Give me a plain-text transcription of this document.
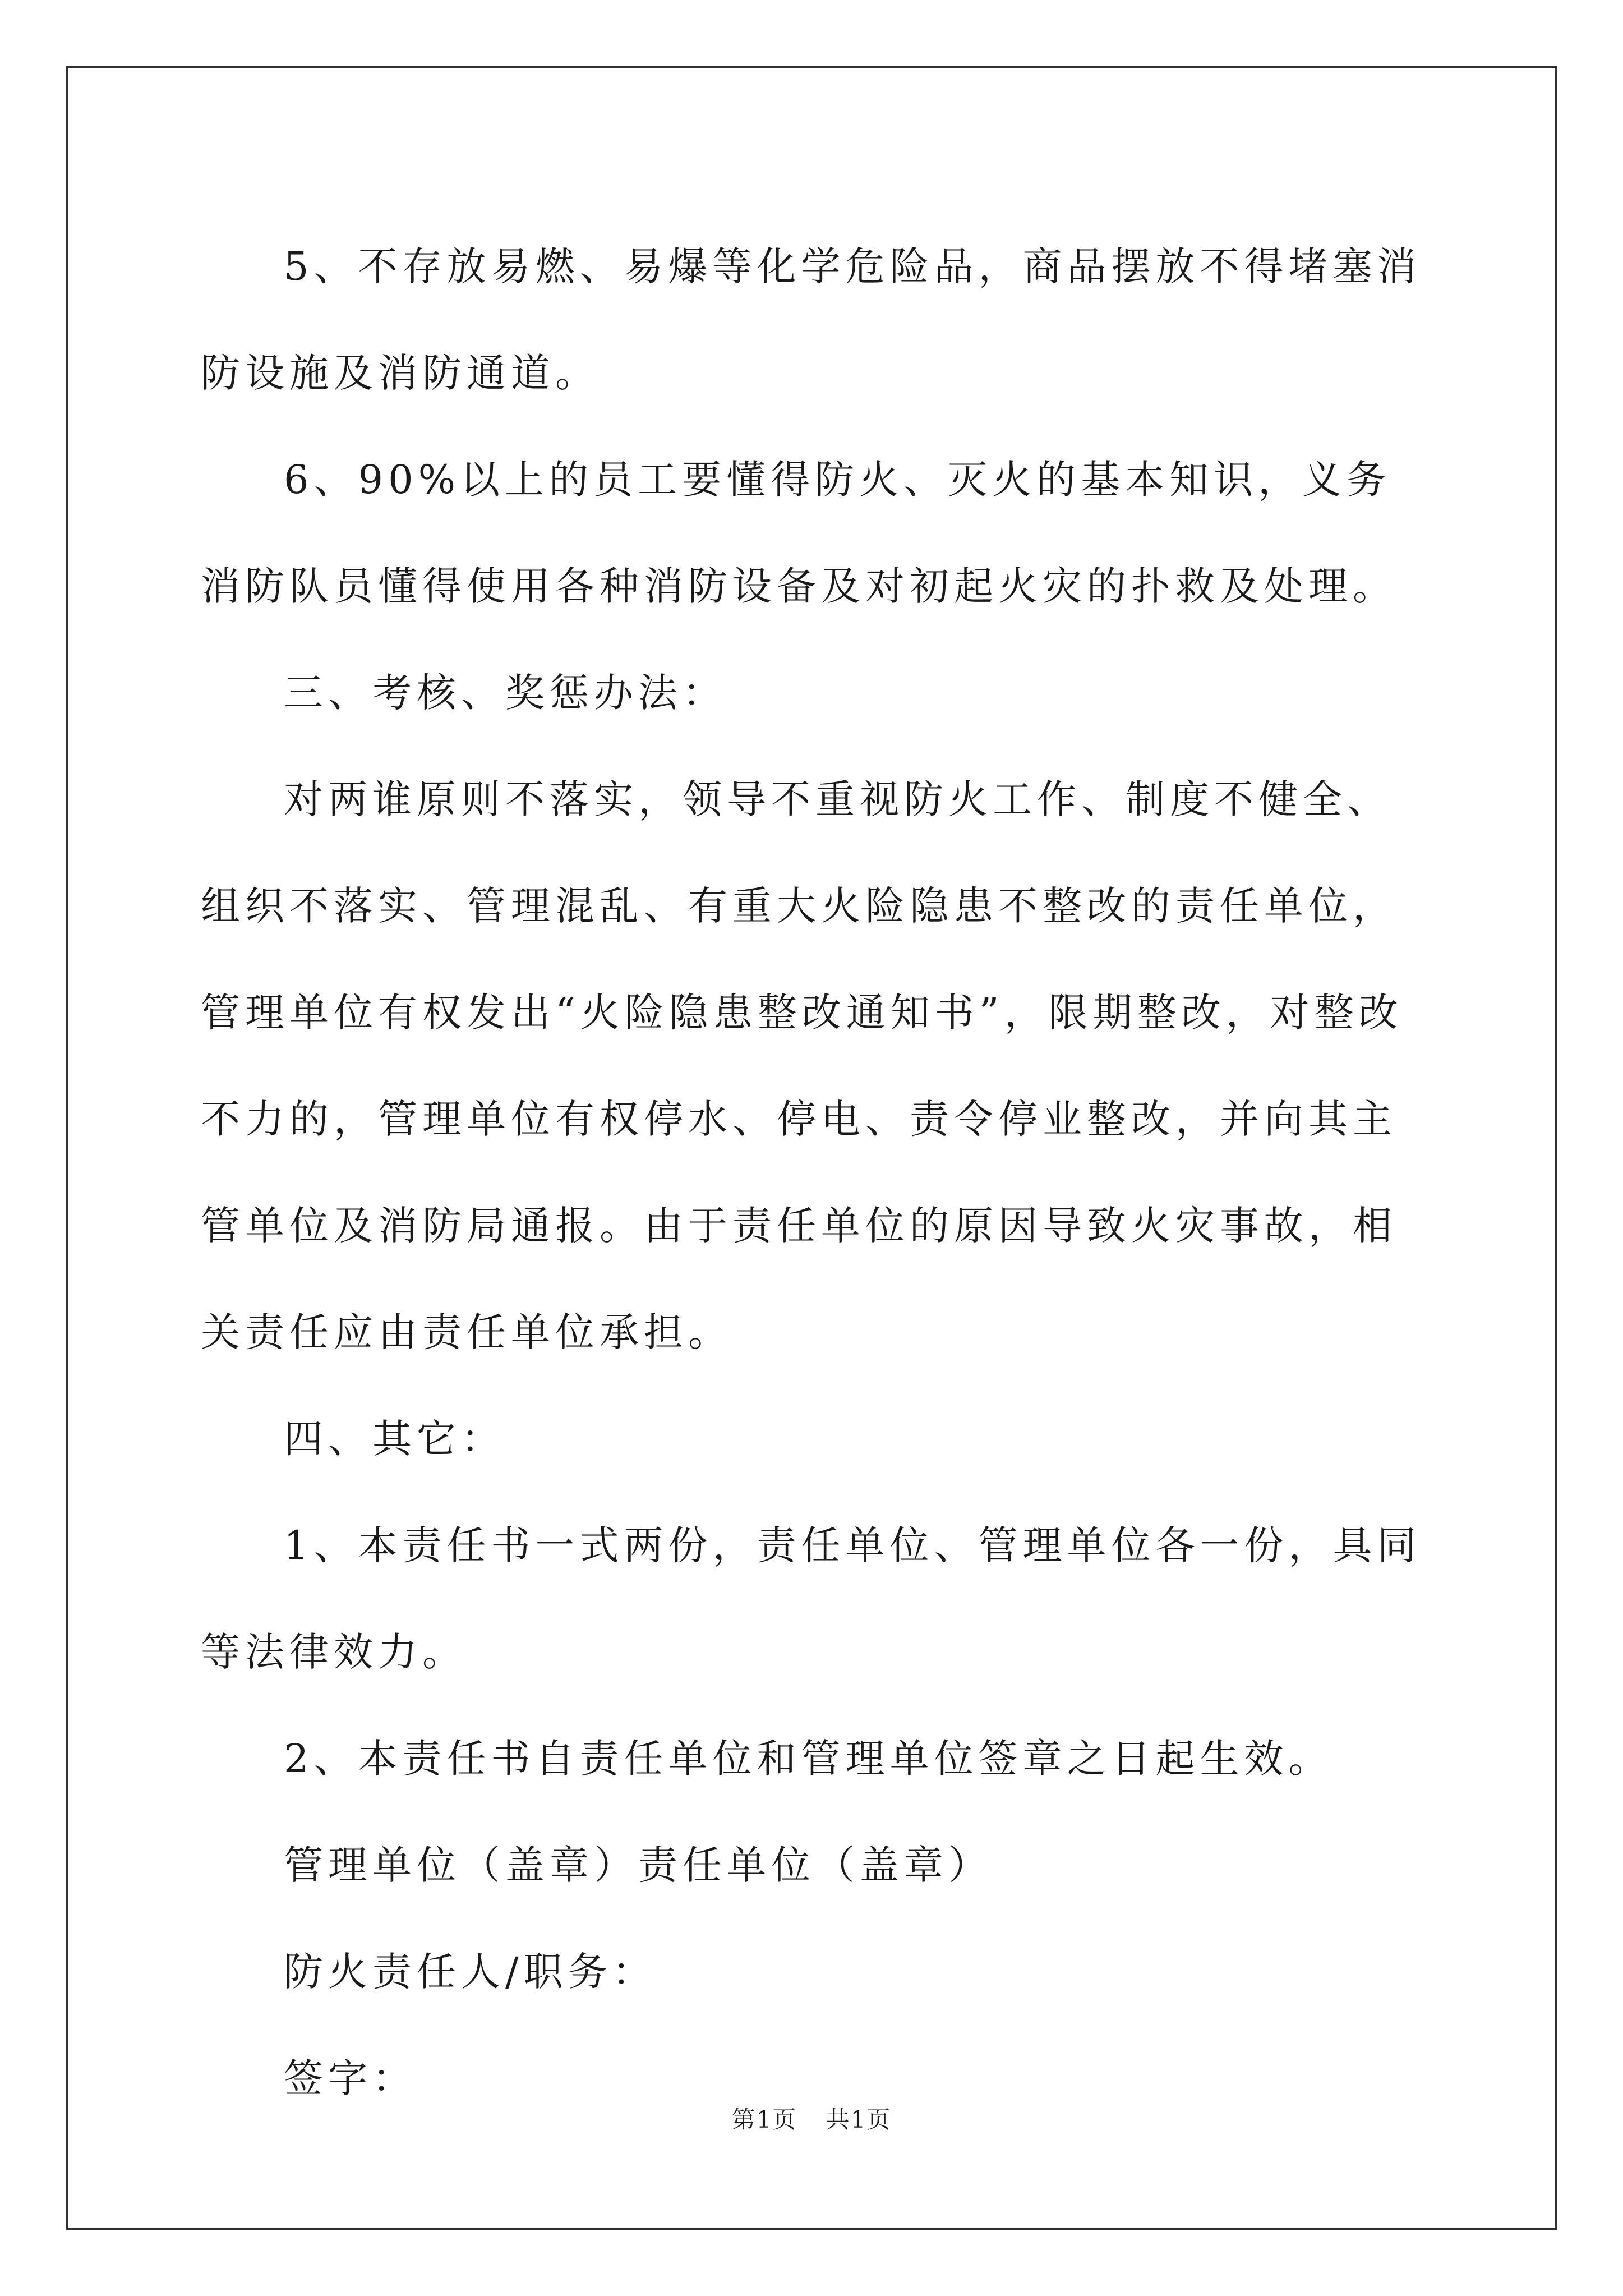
5、不存放易燃、易爆等化学危险品，商品摆放不得堵塞消防设施及消防通道。

6、90%以上的员工要懂得防火、灭火的基本知识，义务消防队员懂得使用各种消防设备及对初起火灾的扑救及处理。

三、考核、奖惩办法：

对两谁原则不落实，领导不重视防火工作、制度不健全、组织不落实、管理混乱、有重大火险隐患不整改的责任单位，管理单位有权发出“火险隐患整改通知书”，限期整改，对整改不力的，管理单位有权停水、停电、责令停业整改，并向其主管单位及消防局通报。由于责任单位的原因导致火灾事故，相关责任应由责任单位承担。

四、其它：

1、本责任书一式两份，责任单位、管理单位各一份，具同等法律效力。

2、本责任书自责任单位和管理单位签章之日起生效。

管理单位（盖章）责任单位（盖章）

防火责任人/职务：

签字：

第1页 共1页
